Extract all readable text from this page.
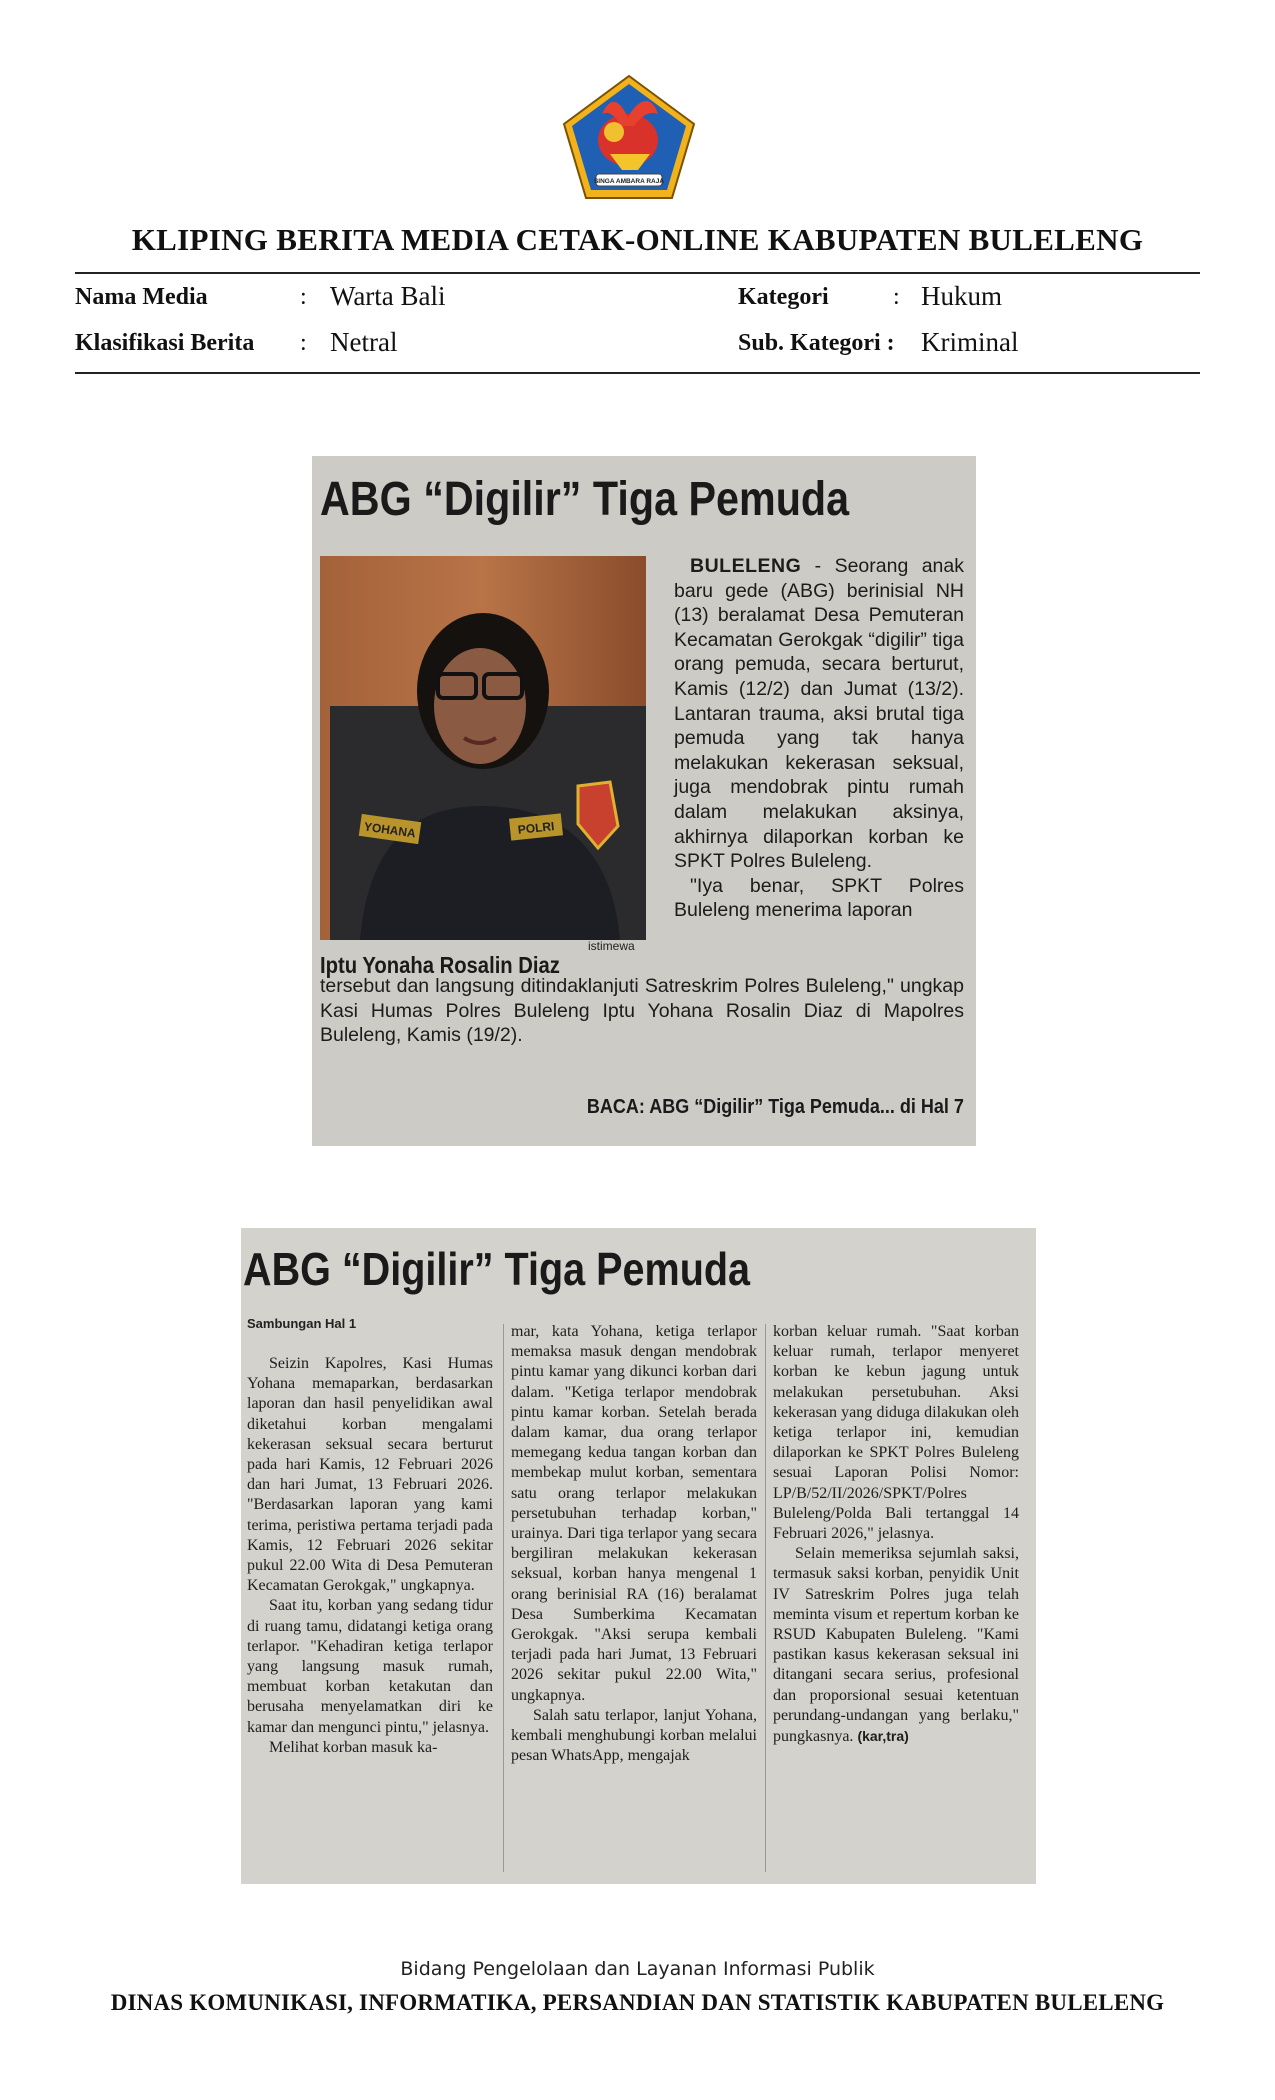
SINGA AMBARA RAJA
KLIPING BERITA MEDIA CETAK-ONLINE KABUPATEN BULELENG
Nama Media	: Warta Bali
Klasifikasi Berita : Netral
Kategori	: Hukum
Sub. Kategori : Kriminal
ABG “Digilir” Tiga Pemuda
YOHANA	POLRI
istimewa
Iptu Yonaha Rosalin Diaz

BULELENG - Seorang anak baru gede (ABG) berinisial NH (13) beralamat Desa Pemuteran Kecamatan Gerokgak “digilir” tiga orang pemuda, secara berturut, Kamis (12/2) dan Jumat (13/2). Lantaran trauma, aksi brutal tiga pemuda yang tak hanya melakukan kekerasan seksual, juga mendobrak pintu rumah dalam melakukan aksinya, akhirnya dilaporkan korban ke SPKT Polres Buleleng.

"Iya benar, SPKT Polres Buleleng menerima laporan

tersebut dan langsung ditindaklanjuti Satreskrim Polres Buleleng," ungkap Kasi Humas Polres Buleleng Iptu Yohana Rosalin Diaz di Mapolres Buleleng, Kamis (19/2).
BACA: ABG “Digilir” Tiga Pemuda... di Hal 7
ABG “Digilir” Tiga Pemuda
Sambungan Hal 1

Seizin Kapolres, Kasi Humas Yohana memaparkan, berdasarkan laporan dan hasil penyelidikan awal diketahui korban mengalami kekerasan seksual secara berturut pada hari Kamis, 12 Februari 2026 dan hari Jumat, 13 Februari 2026. "Berdasarkan laporan yang kami terima, peristiwa pertama terjadi pada Kamis, 12 Februari 2026 sekitar pukul 22.00 Wita di Desa Pemuteran Kecamatan Gerokgak," ungkapnya.

Saat itu, korban yang sedang tidur di ruang tamu, didatangi ketiga orang terlapor. "Kehadiran ketiga terlapor yang langsung masuk rumah, membuat korban ketakutan dan berusaha menyelamatkan diri ke kamar dan mengunci pintu," jelasnya.

Melihat korban masuk ka-

mar, kata Yohana, ketiga terlapor memaksa masuk dengan mendobrak pintu kamar yang dikunci korban dari dalam. "Ketiga terlapor mendobrak pintu kamar korban. Setelah berada dalam kamar, dua orang terlapor memegang kedua tangan korban dan membekap mulut korban, sementara satu orang terlapor melakukan persetubuhan terhadap korban," urainya. Dari tiga terlapor yang secara bergiliran melakukan kekerasan seksual, korban hanya mengenal 1 orang berinisial RA (16) beralamat Desa Sumberkima Kecamatan Gerokgak. "Aksi serupa kembali terjadi pada hari Jumat, 13 Februari 2026 sekitar pukul 22.00 Wita," ungkapnya.

Salah satu terlapor, lanjut Yohana, kembali menghubungi korban melalui pesan WhatsApp, mengajak

korban keluar rumah. "Saat korban keluar rumah, terlapor menyeret korban ke kebun jagung untuk melakukan persetubuhan. Aksi kekerasan yang diduga dilakukan oleh ketiga terlapor ini, kemudian dilaporkan ke SPKT Polres Buleleng sesuai Laporan Polisi Nomor: LP/B/52/II/2026/SPKT/Polres Buleleng/Polda Bali tertanggal 14 Februari 2026," jelasnya.

Selain memeriksa sejumlah saksi, termasuk saksi korban, penyidik Unit IV Satreskrim Polres juga telah meminta visum et repertum korban ke RSUD Kabupaten Buleleng. "Kami pastikan kasus kekerasan seksual ini ditangani secara serius, profesional dan proporsional sesuai ketentuan perundang-undangan yang berlaku," pungkasnya. (kar,tra)

Bidang Pengelolaan dan Layanan Informasi Publik
DINAS KOMUNIKASI, INFORMATIKA, PERSANDIAN DAN STATISTIK KABUPATEN BULELENG
